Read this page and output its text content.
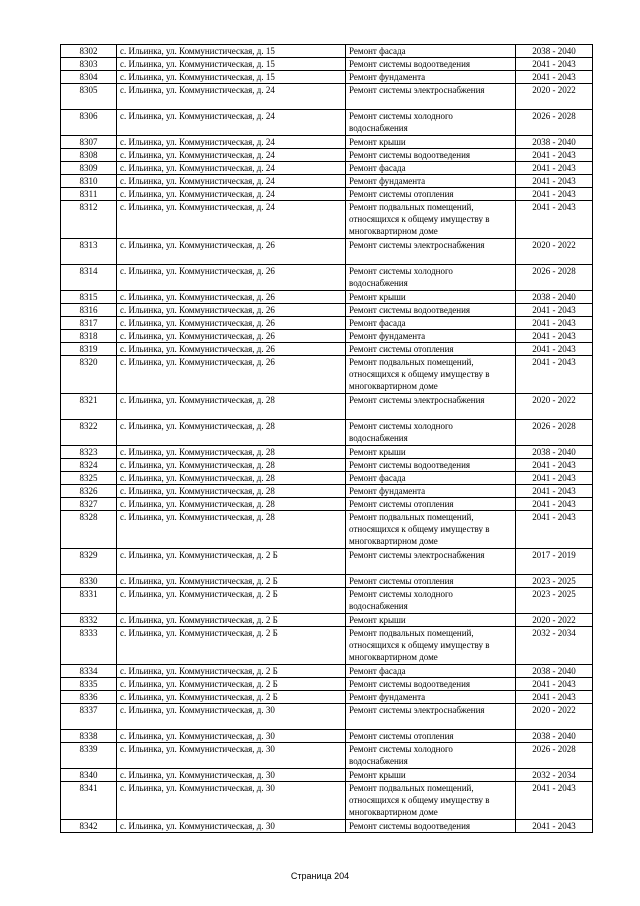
8302	с. Ильинка, ул. Коммунистическая, д. 15	Ремонт фасада	2038 - 2040
8303	с. Ильинка, ул. Коммунистическая, д. 15	Ремонт системы водоотведения	2041 - 2043
8304	с. Ильинка, ул. Коммунистическая, д. 15	Ремонт фундамента	2041 - 2043
8305	с. Ильинка, ул. Коммунистическая, д. 24	Ремонт системы электроснабжения	2020 - 2022
8306	с. Ильинка, ул. Коммунистическая, д. 24	Ремонт системы холодного водоснабжения	2026 - 2028
8307	с. Ильинка, ул. Коммунистическая, д. 24	Ремонт крыши	2038 - 2040
8308	с. Ильинка, ул. Коммунистическая, д. 24	Ремонт системы водоотведения	2041 - 2043
8309	с. Ильинка, ул. Коммунистическая, д. 24	Ремонт фасада	2041 - 2043
8310	с. Ильинка, ул. Коммунистическая, д. 24	Ремонт фундамента	2041 - 2043
8311	с. Ильинка, ул. Коммунистическая, д. 24	Ремонт системы отопления	2041 - 2043
8312	с. Ильинка, ул. Коммунистическая, д. 24	Ремонт подвальных помещений, относящихся к общему имуществу в многоквартирном доме	2041 - 2043
8313	с. Ильинка, ул. Коммунистическая, д. 26	Ремонт системы электроснабжения	2020 - 2022
8314	с. Ильинка, ул. Коммунистическая, д. 26	Ремонт системы холодного водоснабжения	2026 - 2028
8315	с. Ильинка, ул. Коммунистическая, д. 26	Ремонт крыши	2038 - 2040
8316	с. Ильинка, ул. Коммунистическая, д. 26	Ремонт системы водоотведения	2041 - 2043
8317	с. Ильинка, ул. Коммунистическая, д. 26	Ремонт фасада	2041 - 2043
8318	с. Ильинка, ул. Коммунистическая, д. 26	Ремонт фундамента	2041 - 2043
8319	с. Ильинка, ул. Коммунистическая, д. 26	Ремонт системы отопления	2041 - 2043
8320	с. Ильинка, ул. Коммунистическая, д. 26	Ремонт подвальных помещений, относящихся к общему имуществу в многоквартирном доме	2041 - 2043
8321	с. Ильинка, ул. Коммунистическая, д. 28	Ремонт системы электроснабжения	2020 - 2022
8322	с. Ильинка, ул. Коммунистическая, д. 28	Ремонт системы холодного водоснабжения	2026 - 2028
8323	с. Ильинка, ул. Коммунистическая, д. 28	Ремонт крыши	2038 - 2040
8324	с. Ильинка, ул. Коммунистическая, д. 28	Ремонт системы водоотведения	2041 - 2043
8325	с. Ильинка, ул. Коммунистическая, д. 28	Ремонт фасада	2041 - 2043
8326	с. Ильинка, ул. Коммунистическая, д. 28	Ремонт фундамента	2041 - 2043
8327	с. Ильинка, ул. Коммунистическая, д. 28	Ремонт системы отопления	2041 - 2043
8328	с. Ильинка, ул. Коммунистическая, д. 28	Ремонт подвальных помещений, относящихся к общему имуществу в многоквартирном доме	2041 - 2043
8329	с. Ильинка, ул. Коммунистическая, д. 2 Б	Ремонт системы электроснабжения	2017 - 2019
8330	с. Ильинка, ул. Коммунистическая, д. 2 Б	Ремонт системы отопления	2023 - 2025
8331	с. Ильинка, ул. Коммунистическая, д. 2 Б	Ремонт системы холодного водоснабжения	2023 - 2025
8332	с. Ильинка, ул. Коммунистическая, д. 2 Б	Ремонт крыши	2020 - 2022
8333	с. Ильинка, ул. Коммунистическая, д. 2 Б	Ремонт подвальных помещений, относящихся к общему имуществу в многоквартирном доме	2032 - 2034
8334	с. Ильинка, ул. Коммунистическая, д. 2 Б	Ремонт фасада	2038 - 2040
8335	с. Ильинка, ул. Коммунистическая, д. 2 Б	Ремонт системы водоотведения	2041 - 2043
8336	с. Ильинка, ул. Коммунистическая, д. 2 Б	Ремонт фундамента	2041 - 2043
8337	с. Ильинка, ул. Коммунистическая, д. 30	Ремонт системы электроснабжения	2020 - 2022
8338	с. Ильинка, ул. Коммунистическая, д. 30	Ремонт системы отопления	2038 - 2040
8339	с. Ильинка, ул. Коммунистическая, д. 30	Ремонт системы холодного водоснабжения	2026 - 2028
8340	с. Ильинка, ул. Коммунистическая, д. 30	Ремонт крыши	2032 - 2034
8341	с. Ильинка, ул. Коммунистическая, д. 30	Ремонт подвальных помещений, относящихся к общему имуществу в многоквартирном доме	2041 - 2043
8342	с. Ильинка, ул. Коммунистическая, д. 30	Ремонт системы водоотведения	2041 - 2043
Страница 204
